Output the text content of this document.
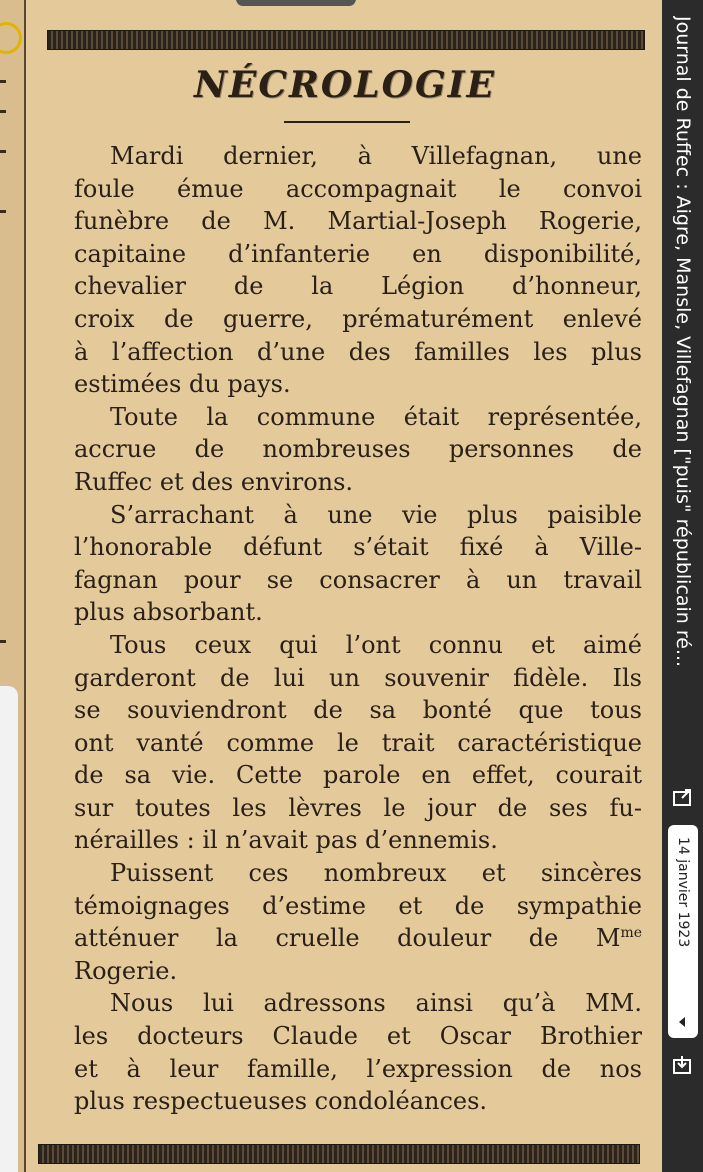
NÉCROLOGIE

Mardi dernier, à Villefagnan, une
foule émue accompagnait le convoi
funèbre de M. Martial-Joseph Rogerie,
capitaine d’infanterie en disponibilité,
chevalier de la Légion d’honneur,
croix de guerre, prématurément enlevé
à l’affection d’une des familles les plus
estimées du pays.

Toute la commune était représentée,
accrue de nombreuses personnes de
Ruffec et des environs.

S’arrachant à une vie plus paisible
l’honorable défunt s’était fixé à Ville-
fagnan pour se consacrer à un travail
plus absorbant.

Tous ceux qui l’ont connu et aimé
garderont de lui un souvenir fidèle. Ils
se souviendront de sa bonté que tous
ont vanté comme le trait caractéristique
de sa vie. Cette parole en effet, courait
sur toutes les lèvres le jour de ses fu-
nérailles : il n’avait pas d’ennemis.

Puissent ces nombreux et sincères
témoignages d’estime et de sympathie
atténuer la cruelle douleur de $M^{me}$
Rogerie.

Nous lui adressons ainsi qu’à MM.
les docteurs Claude et Oscar Brothier
et à leur famille, l’expression de nos
plus respectueuses condoléances.

Journal de Ruffec : Aigre, Mansle, Villefagnan ["puis" républicain ré...
14 janvier 1923
